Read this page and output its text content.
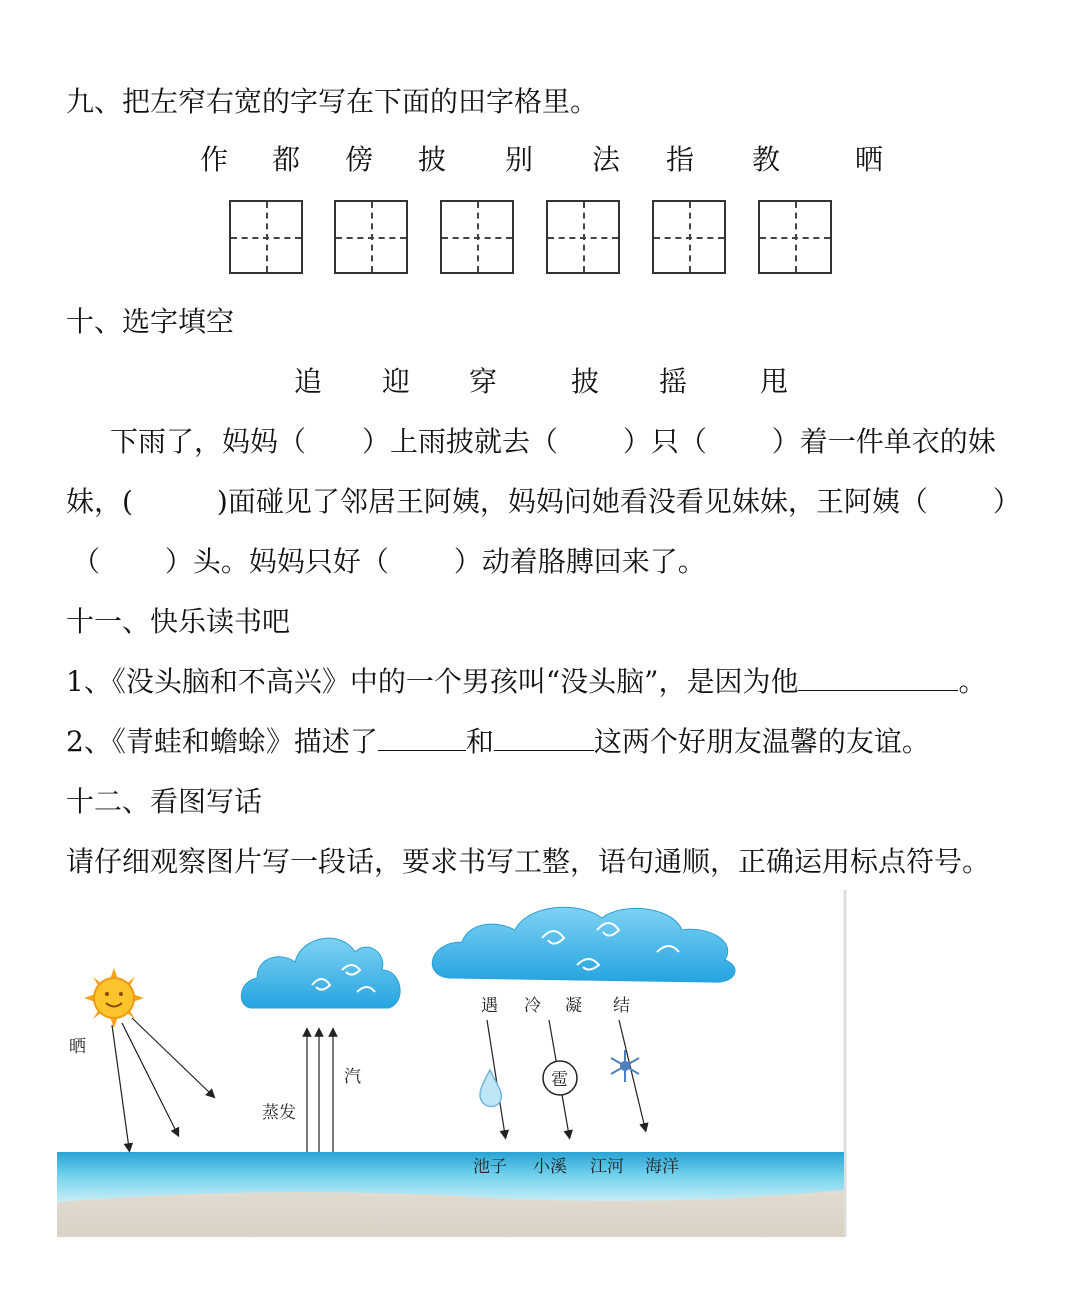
九、把左窄右宽的字写在下面的田字格里。
作 都 傍 披 别 法 指 教	晒
十、选字填空
追 迎 穿	披 摇	甩
下雨了，妈妈（　　）上雨披就去（　　 ）只（　　 ）着一件单衣的妹
妹，(　　　)面碰见了邻居王阿姨，妈妈问她看没看见妹妹，王阿姨（　　 ）
（　　 ）头。妈妈只好（　　 ）动着胳膊回来了。
十一、快乐读书吧
1、《没头脑和不高兴》中的一个男孩叫“没头脑”，是因为他	。
2、《青蛙和蟾蜍》描述了	和	这两个好朋友温馨的友谊。
十二、看图写话
请仔细观察图片写一段话，要求书写工整，语句通顺，正确运用标点符号。
晒
蒸发
汽
遇 冷 凝 结
雹
池子 小溪 江河 海洋
